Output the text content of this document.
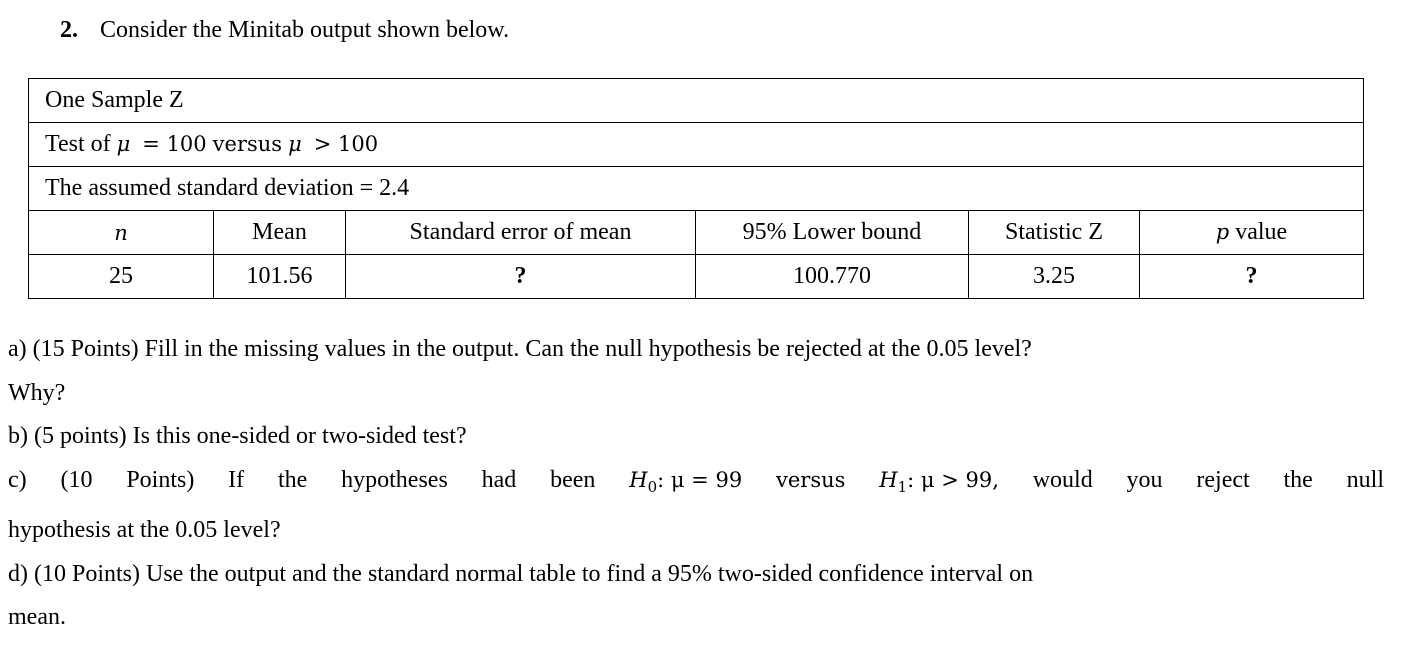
2. Consider the Minitab output shown below.
One Sample Z					
Test of μ = 100 versus μ > 100					
The assumed standard deviation = 2.4					
n	Mean	Standard error of mean	95% Lower bound	Statistic Z	p value
25	101.56	?	100.770	3.25	?

a) (15 Points) Fill in the missing values in the output. Can the null hypothesis be rejected at the 0.05 level?

Why?

b) (5 points) Is this one-sided or two-sided test?

c) (10 Points) If the hypotheses had been $H_0$: μ = 99 versus $H_1$: μ > 99, would you reject the null

hypothesis at the 0.05 level?

d) (10 Points) Use the output and the standard normal table to find a 95% two-sided confidence interval on

mean.
